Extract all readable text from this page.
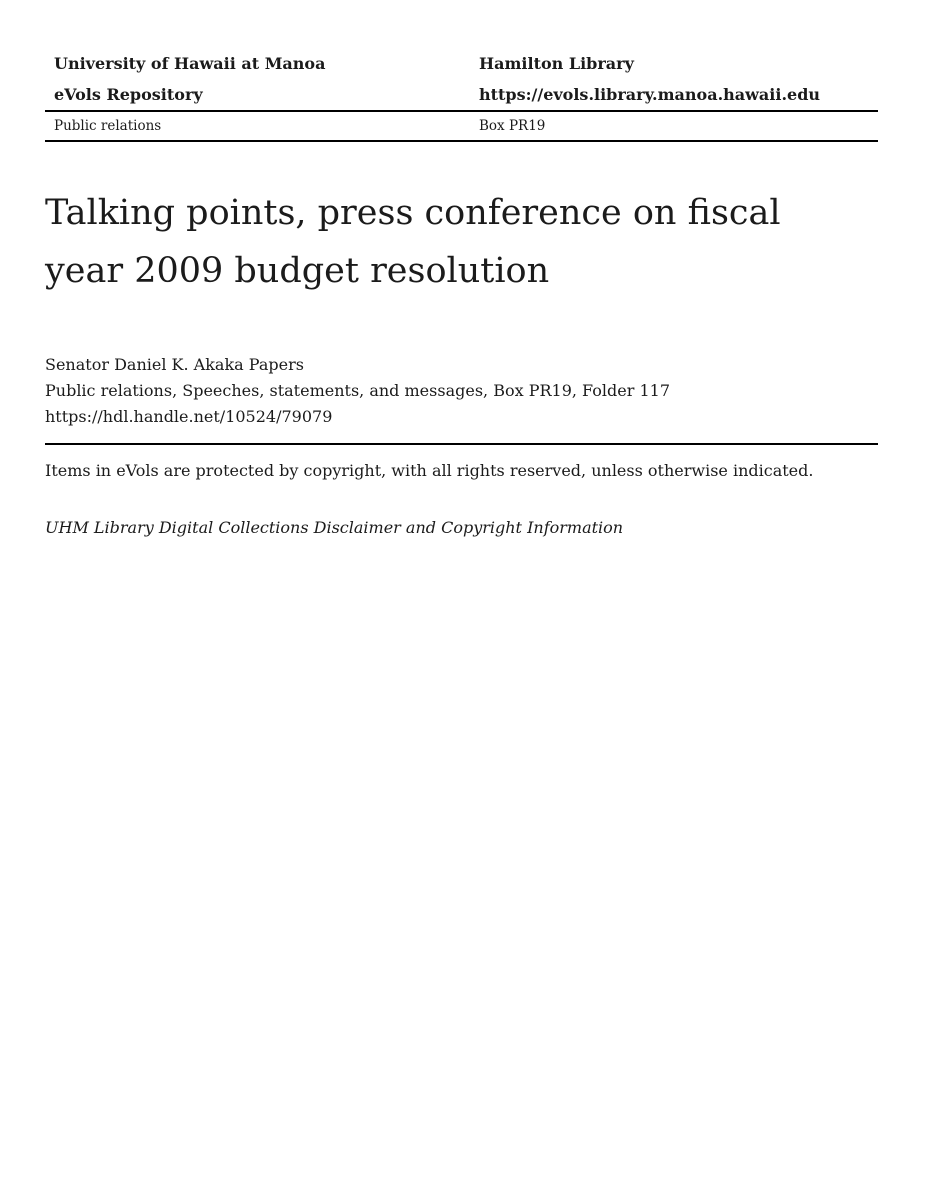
University of Hawaii at Manoa
eVols Repository
Hamilton Library
https://evols.library.manoa.hawaii.edu
Public relations	Box PR19
Talking points, press conference on fiscal year 2009 budget resolution
Senator Daniel K. Akaka Papers
Public relations, Speeches, statements, and messages, Box PR19, Folder 117
https://hdl.handle.net/10524/79079

Items in eVols are protected by copyright, with all rights reserved, unless otherwise indicated.

UHM Library Digital Collections Disclaimer and Copyright Information
